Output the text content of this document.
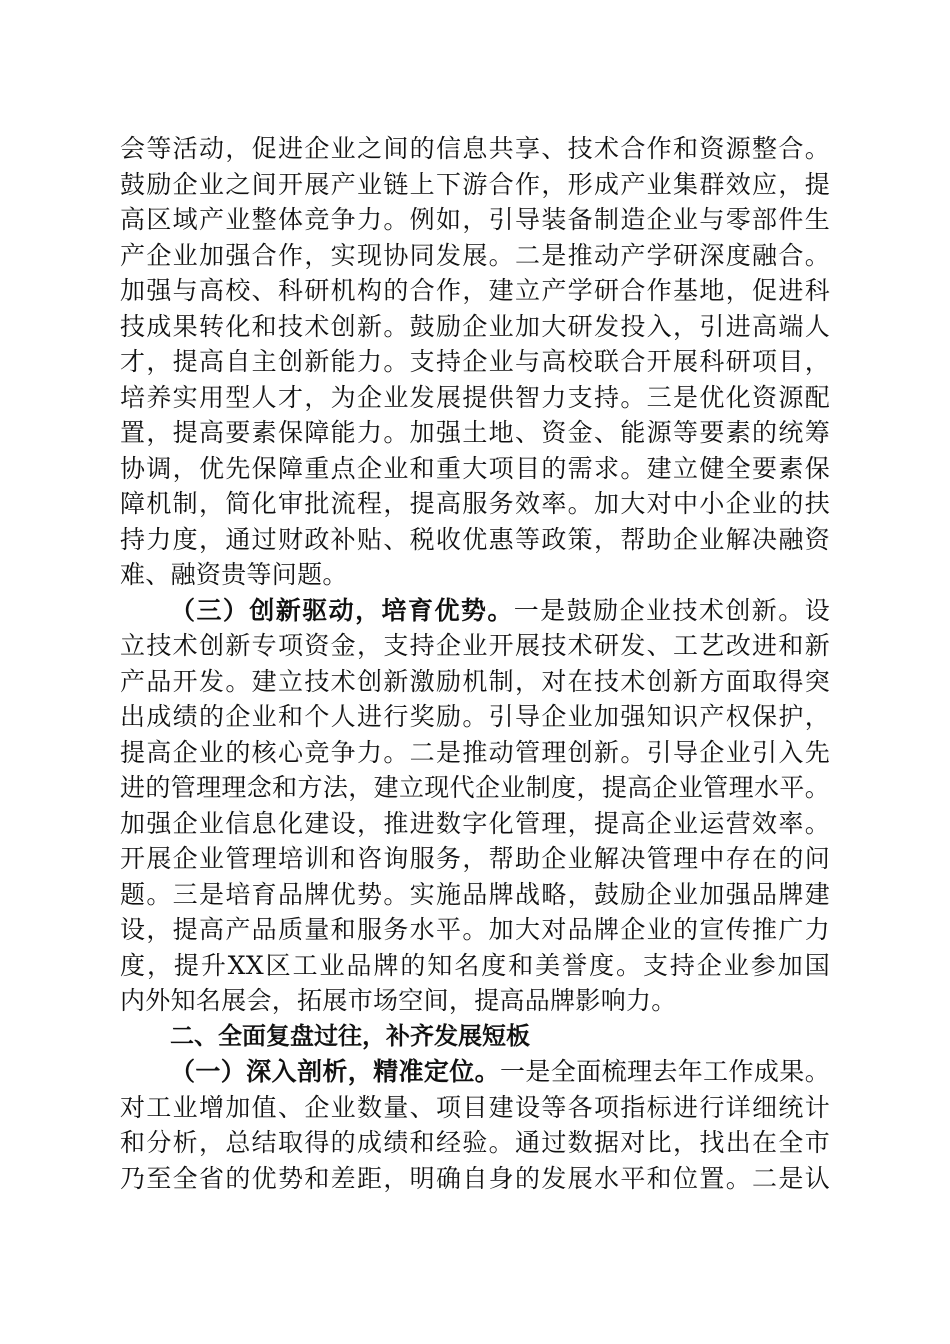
会等活动，促进企业之间的信息共享、技术合作和资源整合。
鼓励企业之间开展产业链上下游合作，形成产业集群效应，提
高区域产业整体竞争力。例如，引导装备制造企业与零部件生
产企业加强合作，实现协同发展。二是推动产学研深度融合。
加强与高校、科研机构的合作，建立产学研合作基地，促进科
技成果转化和技术创新。鼓励企业加大研发投入，引进高端人
才，提高自主创新能力。支持企业与高校联合开展科研项目，
培养实用型人才，为企业发展提供智力支持。三是优化资源配
置，提高要素保障能力。加强土地、资金、能源等要素的统筹
协调，优先保障重点企业和重大项目的需求。建立健全要素保
障机制，简化审批流程，提高服务效率。加大对中小企业的扶
持力度，通过财政补贴、税收优惠等政策，帮助企业解决融资
难、融资贵等问题。
（三）创新驱动，培育优势。一是鼓励企业技术创新。设
立技术创新专项资金，支持企业开展技术研发、工艺改进和新
产品开发。建立技术创新激励机制，对在技术创新方面取得突
出成绩的企业和个人进行奖励。引导企业加强知识产权保护，
提高企业的核心竞争力。二是推动管理创新。引导企业引入先
进的管理理念和方法，建立现代企业制度，提高企业管理水平。
加强企业信息化建设，推进数字化管理，提高企业运营效率。
开展企业管理培训和咨询服务，帮助企业解决管理中存在的问
题。三是培育品牌优势。实施品牌战略，鼓励企业加强品牌建
设，提高产品质量和服务水平。加大对品牌企业的宣传推广力
度，提升XX区工业品牌的知名度和美誉度。支持企业参加国
内外知名展会，拓展市场空间，提高品牌影响力。
二、全面复盘过往，补齐发展短板
（一）深入剖析，精准定位。一是全面梳理去年工作成果。
对工业增加值、企业数量、项目建设等各项指标进行详细统计
和分析，总结取得的成绩和经验。通过数据对比，找出在全市
乃至全省的优势和差距，明确自身的发展水平和位置。二是认
